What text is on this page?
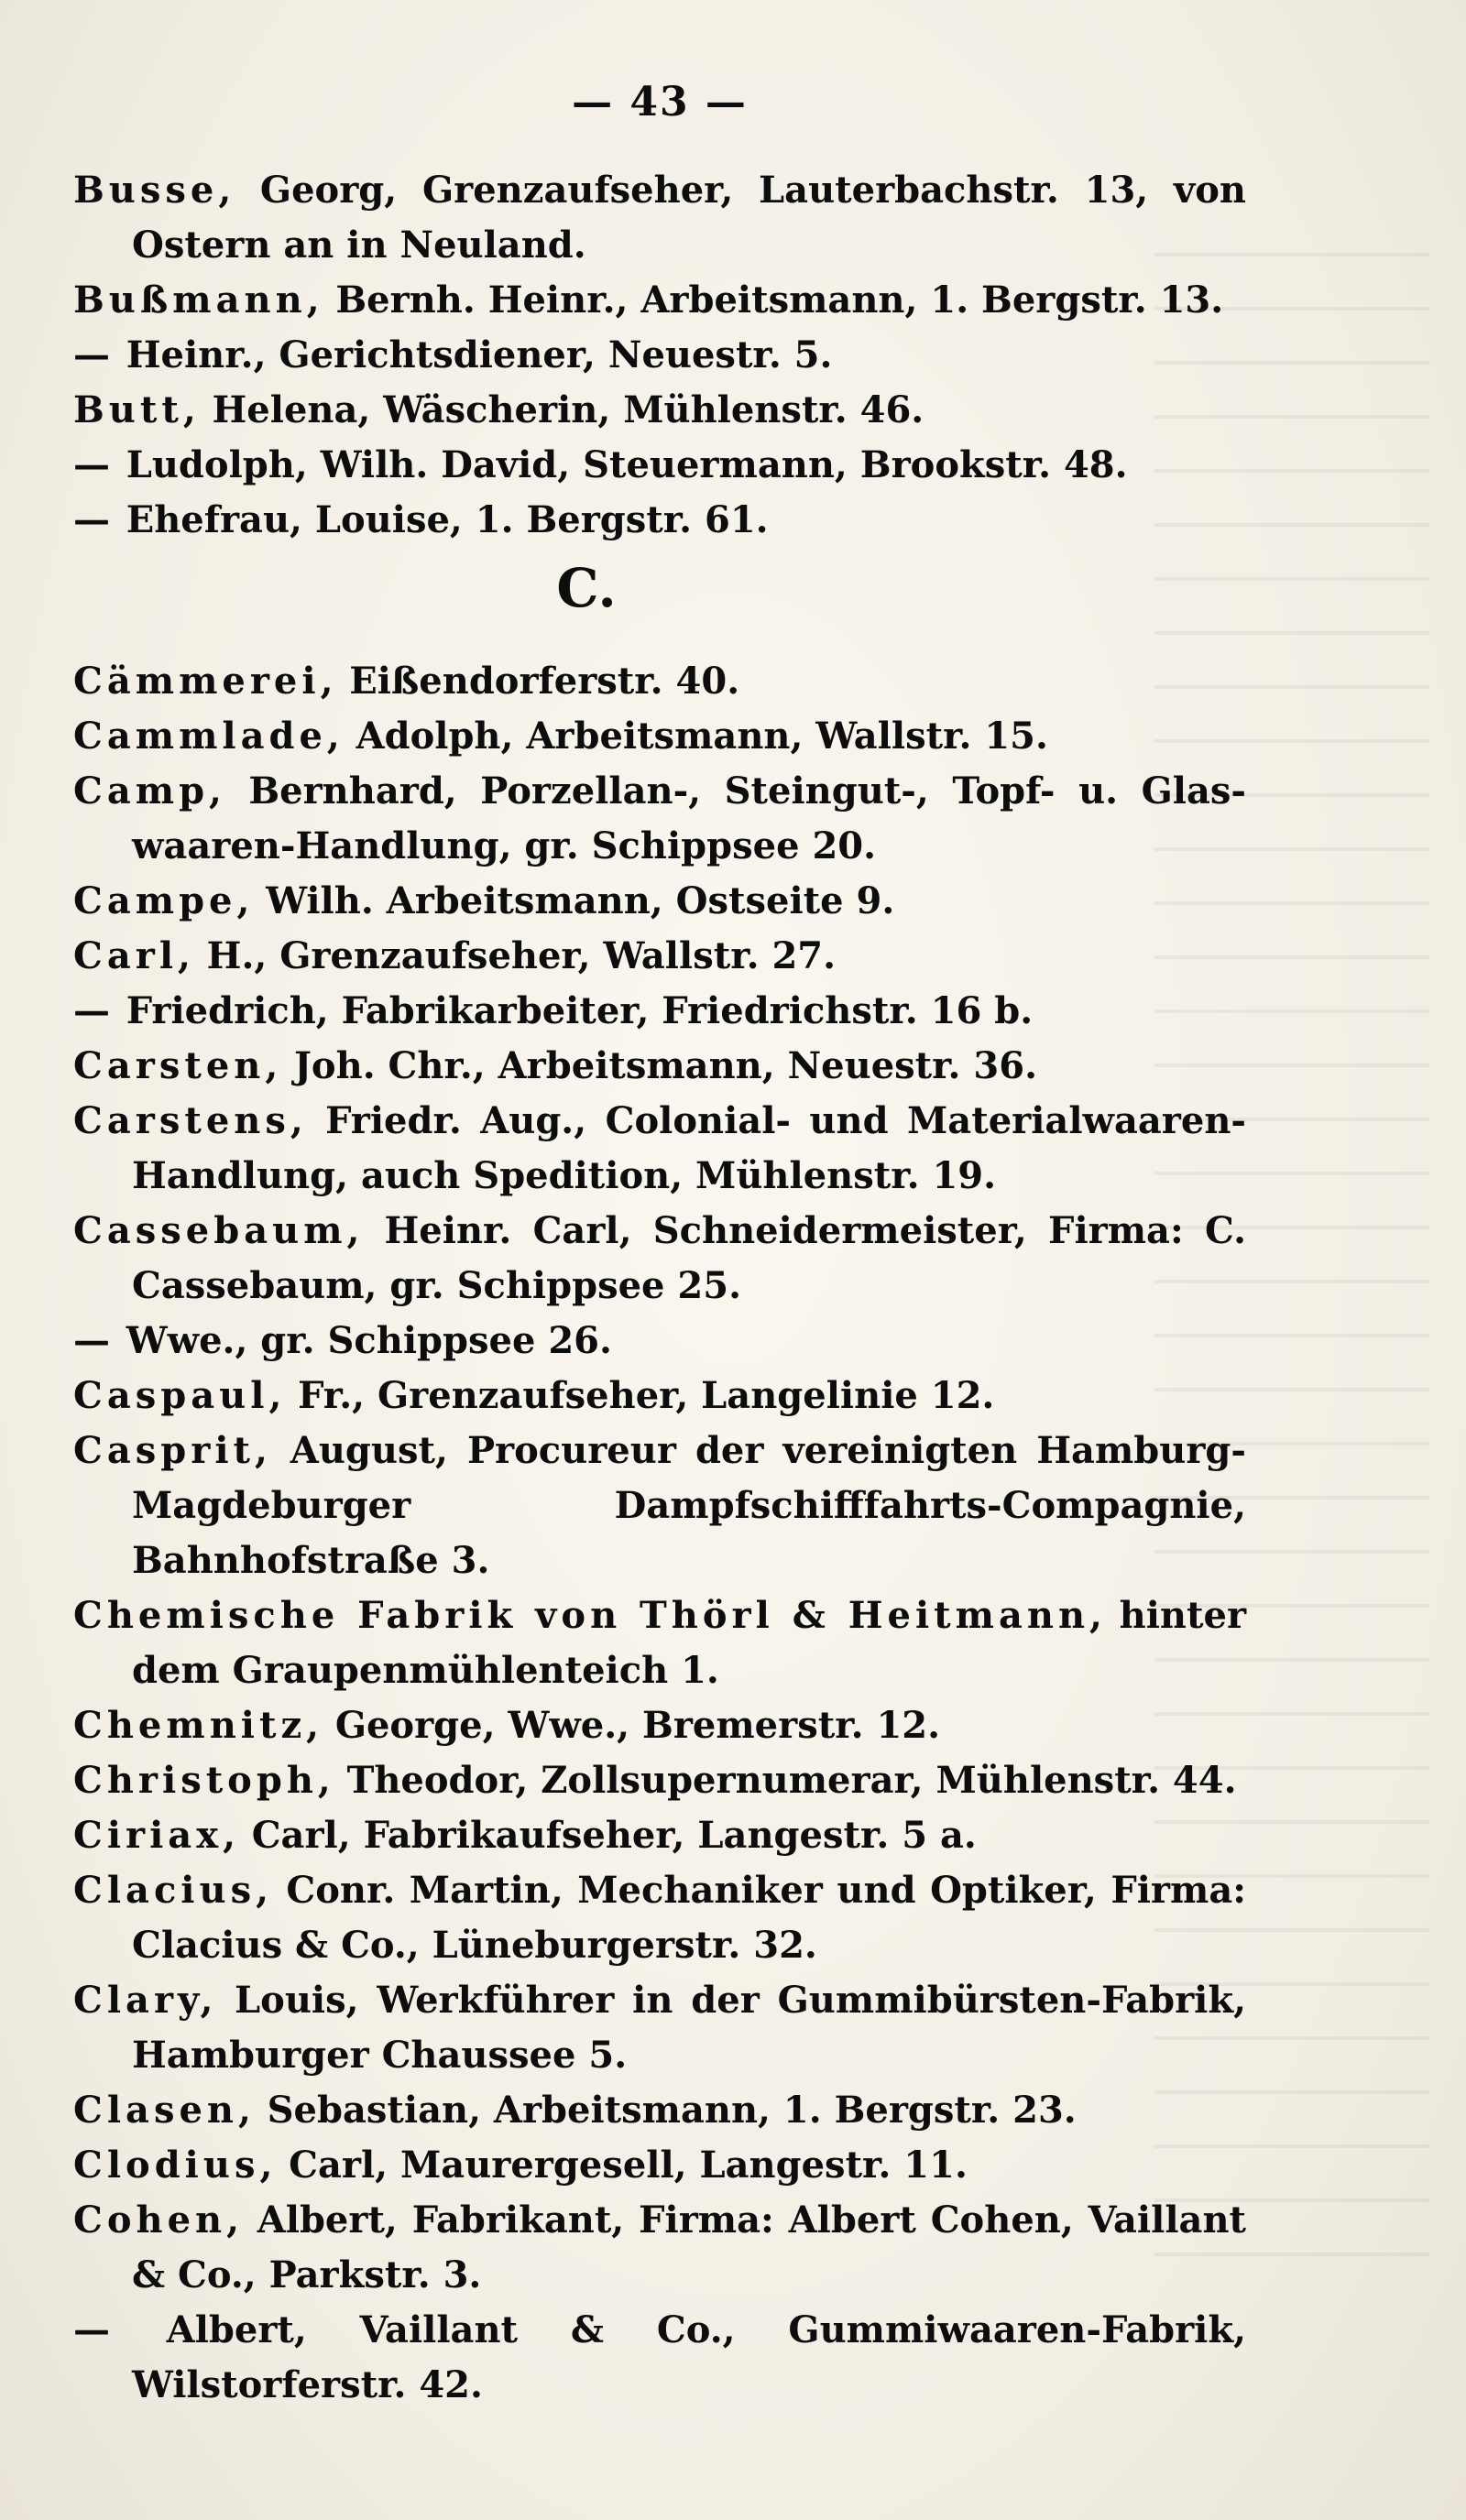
— 43 —
Busse, Georg, Grenzaufseher, Lauterbachstr. 13, von Ostern an in Neuland.
Bußmann, Bernh. Heinr., Arbeitsmann, 1. Bergstr. 13.
— Heinr., Gerichtsdiener, Neuestr. 5.
Butt, Helena, Wäscherin, Mühlenstr. 46.
— Ludolph, Wilh. David, Steuermann, Brookstr. 48.
— Ehefrau, Louise, 1. Bergstr. 61.
C.
Cämmerei, Eißendorferstr. 40.
Cammlade, Adolph, Arbeitsmann, Wallstr. 15.
Camp, Bernhard, Porzellan-, Steingut-, Topf- u. Glas-waaren-Handlung, gr. Schippsee 20.
Campe, Wilh. Arbeitsmann, Ostseite 9.
Carl, H., Grenzaufseher, Wallstr. 27.
— Friedrich, Fabrikarbeiter, Friedrichstr. 16 b.
Carsten, Joh. Chr., Arbeitsmann, Neuestr. 36.
Carstens, Friedr. Aug., Colonial- und Materialwaaren-Handlung, auch Spedition, Mühlenstr. 19.
Cassebaum, Heinr. Carl, Schneidermeister, Firma: C. Cassebaum, gr. Schippsee 25.
— Wwe., gr. Schippsee 26.
Caspaul, Fr., Grenzaufseher, Langelinie 12.
Casprit, August, Procureur der vereinigten Hamburg-Magdeburger Dampfschifffahrts-Compagnie, Bahnhofstraße 3.
Chemische Fabrik von Thörl & Heitmann, hinter dem Graupenmühlenteich 1.
Chemnitz, George, Wwe., Bremerstr. 12.
Christoph, Theodor, Zollsupernumerar, Mühlenstr. 44.
Ciriax, Carl, Fabrikaufseher, Langestr. 5 a.
Clacius, Conr. Martin, Mechaniker und Optiker, Firma: Clacius & Co., Lüneburgerstr. 32.
Clary, Louis, Werkführer in der Gummibürsten-Fabrik, Hamburger Chaussee 5.
Clasen, Sebastian, Arbeitsmann, 1. Bergstr. 23.
Clodius, Carl, Maurergesell, Langestr. 11.
Cohen, Albert, Fabrikant, Firma: Albert Cohen, Vaillant & Co., Parkstr. 3.
— Albert, Vaillant & Co., Gummiwaaren-Fabrik, Wilstorferstr. 42.
